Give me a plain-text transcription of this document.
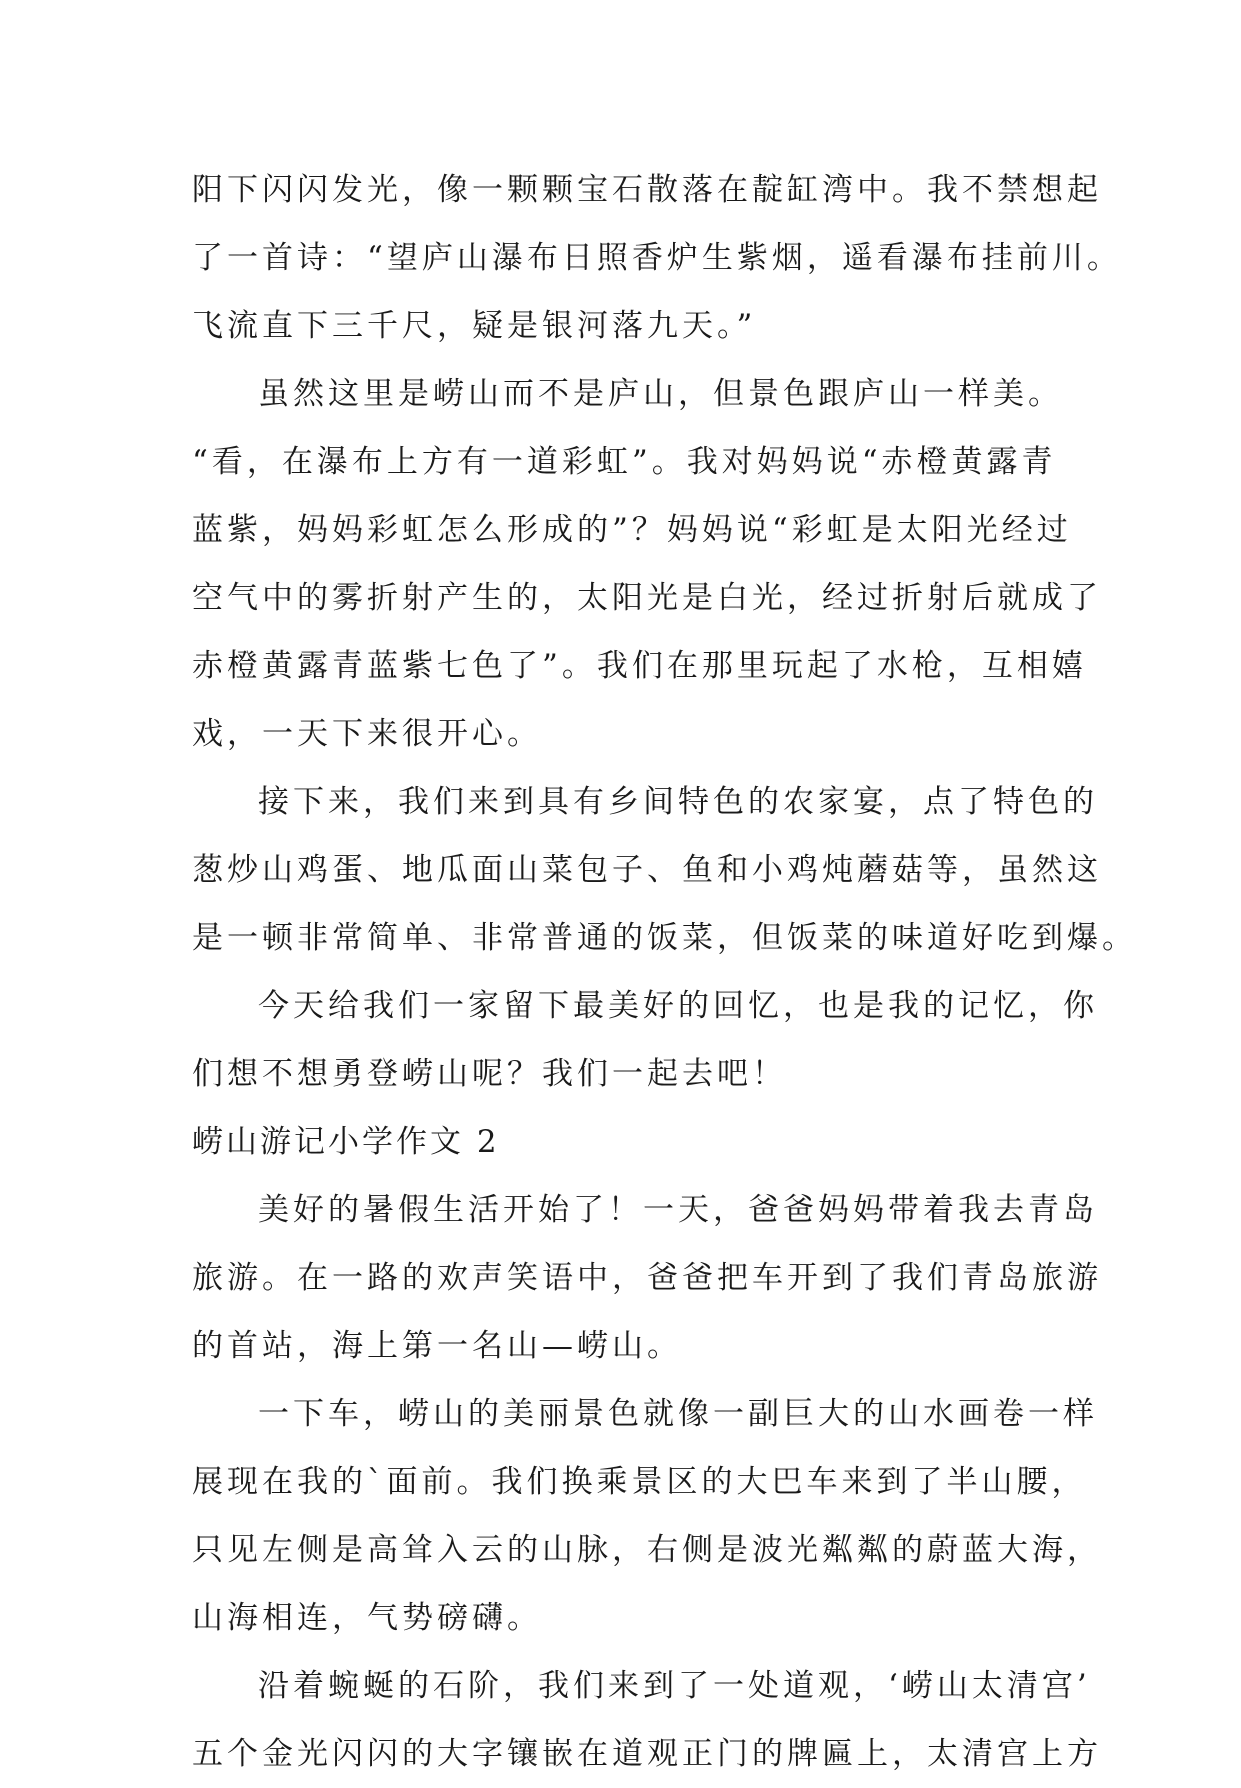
阳下闪闪发光，像一颗颗宝石散落在靛缸湾中。我不禁想起
了一首诗：“望庐山瀑布日照香炉生紫烟，遥看瀑布挂前川。
飞流直下三千尺，疑是银河落九天。”
虽然这里是崂山而不是庐山，但景色跟庐山一样美。
“看，在瀑布上方有一道彩虹”。我对妈妈说“赤橙黄露青
蓝紫，妈妈彩虹怎么形成的”？妈妈说“彩虹是太阳光经过
空气中的雾折射产生的，太阳光是白光，经过折射后就成了
赤橙黄露青蓝紫七色了”。我们在那里玩起了水枪，互相嬉
戏，一天下来很开心。
接下来，我们来到具有乡间特色的农家宴，点了特色的
葱炒山鸡蛋、地瓜面山菜包子、鱼和小鸡炖蘑菇等，虽然这
是一顿非常简单、非常普通的饭菜，但饭菜的味道好吃到爆。
今天给我们一家留下最美好的回忆，也是我的记忆，你
们想不想勇登崂山呢？我们一起去吧！
崂山游记小学作文 2
美好的暑假生活开始了！一天，爸爸妈妈带着我去青岛
旅游。在一路的欢声笑语中，爸爸把车开到了我们青岛旅游
的首站，海上第一名山—崂山。
一下车，崂山的美丽景色就像一副巨大的山水画卷一样
展现在我的`面前。我们换乘景区的大巴车来到了半山腰，
只见左侧是高耸入云的山脉，右侧是波光粼粼的蔚蓝大海，
山海相连，气势磅礴。
沿着蜿蜒的石阶，我们来到了一处道观，‘崂山太清宫’
五个金光闪闪的大字镶嵌在道观正门的牌匾上，太清宫上方
